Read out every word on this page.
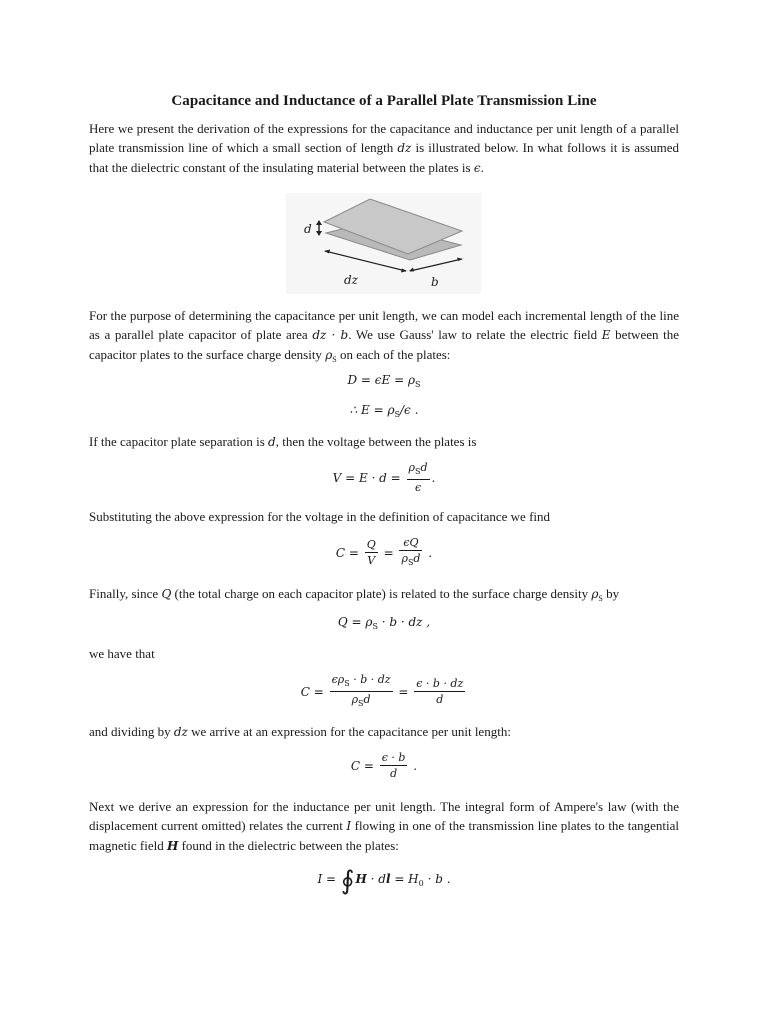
Capacitance and Inductance of a Parallel Plate Transmission Line

Here we present the derivation of the expressions for the capacitance and inductance per unit length of a parallel plate transmission line of which a small section of length dz is illustrated below. In what follows it is assumed that the dielectric constant of the insulating material between the plates is ϵ.

d
dz	b

For the purpose of determining the capacitance per unit length, we can model each incremental length of the line as a parallel plate capacitor of plate area dz · b. We use Gauss' law to relate the electric field E between the capacitor plates to the surface charge density $\rho_S$ on each of the plates:

$D = \epsilon E = \rho_S$
∴ $E = \rho_S/\epsilon$ .

If the capacitor plate separation is d, then the voltage between the plates is

$V = E \cdot d = \frac{\rho_Sd}{\epsilon}$ .

Substituting the above expression for the voltage in the definition of capacitance we find

$C = \frac{Q}{V} = \frac{\epsilon Q}{\rho_Sd}$ .

Finally, since Q (the total charge on each capacitor plate) is related to the surface charge density $\rho_S$ by

$Q = \rho_S \cdot b$ · dz ,

we have that

$C = \frac{\epsilon\rho_S \cdot b \cdot dz}{\rho_Sd} = \frac{\epsilon \cdot b \cdot dz}{d}$

and dividing by dz we arrive at an expression for the capacitance per unit length:

$C = \frac{\epsilon \cdot b}{d}$ .

Next we derive an expression for the inductance per unit length. The integral form of Ampere's law (with the displacement current omitted) relates the current I flowing in one of the transmission line plates to the tangential magnetic field H found in the dielectric between the plates:

I = ∮H · dl = $H_0 \cdot b$ .
